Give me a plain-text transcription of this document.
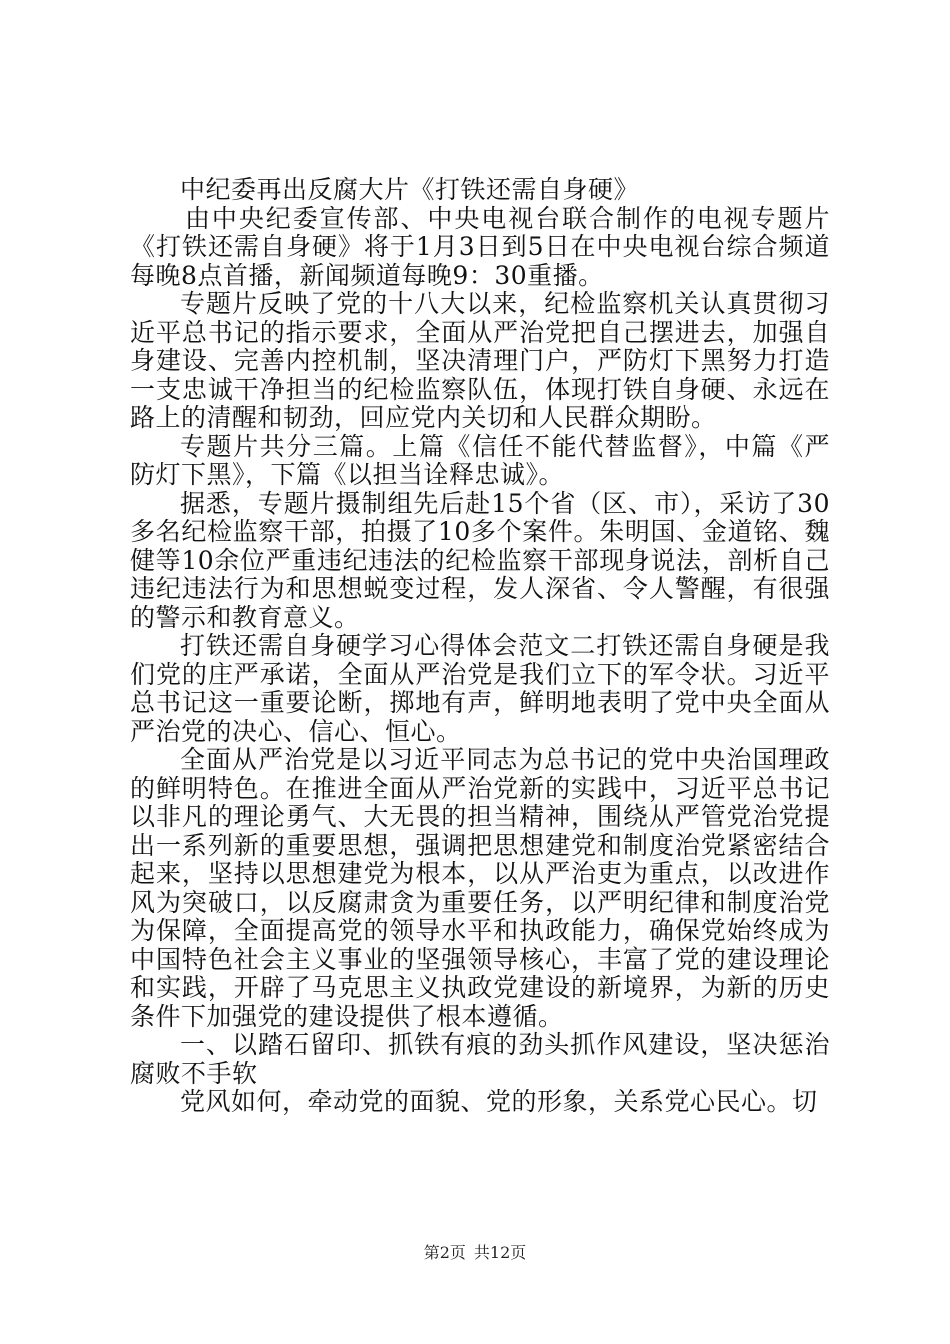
中纪委再出反腐大片《打铁还需自身硬》

由中央纪委宣传部、中央电视台联合制作的电视专题片《打铁还需自身硬》将于1月3日到5日在中央电视台综合频道每晚8点首播，新闻频道每晚9：30重播。

专题片反映了党的十八大以来，纪检监察机关认真贯彻习近平总书记的指示要求，全面从严治党把自己摆进去，加强自身建设、完善内控机制，坚决清理门户，严防灯下黑努力打造一支忠诚干净担当的纪检监察队伍，体现打铁自身硬、永远在路上的清醒和韧劲，回应党内关切和人民群众期盼。

专题片共分三篇。上篇《信任不能代替监督》，中篇《严防灯下黑》，下篇《以担当诠释忠诚》。

据悉，专题片摄制组先后赴15个省（区、市），采访了30多名纪检监察干部，拍摄了10多个案件。朱明国、金道铭、魏健等10余位严重违纪违法的纪检监察干部现身说法，剖析自己违纪违法行为和思想蜕变过程，发人深省、令人警醒，有很强的警示和教育意义。

打铁还需自身硬学习心得体会范文二打铁还需自身硬是我们党的庄严承诺，全面从严治党是我们立下的军令状。习近平总书记这一重要论断，掷地有声，鲜明地表明了党中央全面从严治党的决心、信心、恒心。

全面从严治党是以习近平同志为总书记的党中央治国理政的鲜明特色。在推进全面从严治党新的实践中，习近平总书记以非凡的理论勇气、大无畏的担当精神，围绕从严管党治党提出一系列新的重要思想，强调把思想建党和制度治党紧密结合起来，坚持以思想建党为根本，以从严治吏为重点，以改进作风为突破口，以反腐肃贪为重要任务，以严明纪律和制度治党为保障，全面提高党的领导水平和执政能力，确保党始终成为中国特色社会主义事业的坚强领导核心，丰富了党的建设理论和实践，开辟了马克思主义执政党建设的新境界，为新的历史条件下加强党的建设提供了根本遵循。

一、以踏石留印、抓铁有痕的劲头抓作风建设，坚决惩治腐败不手软

党风如何，牵动党的面貌、党的形象，关系党心民心。切

第2页 共12页
